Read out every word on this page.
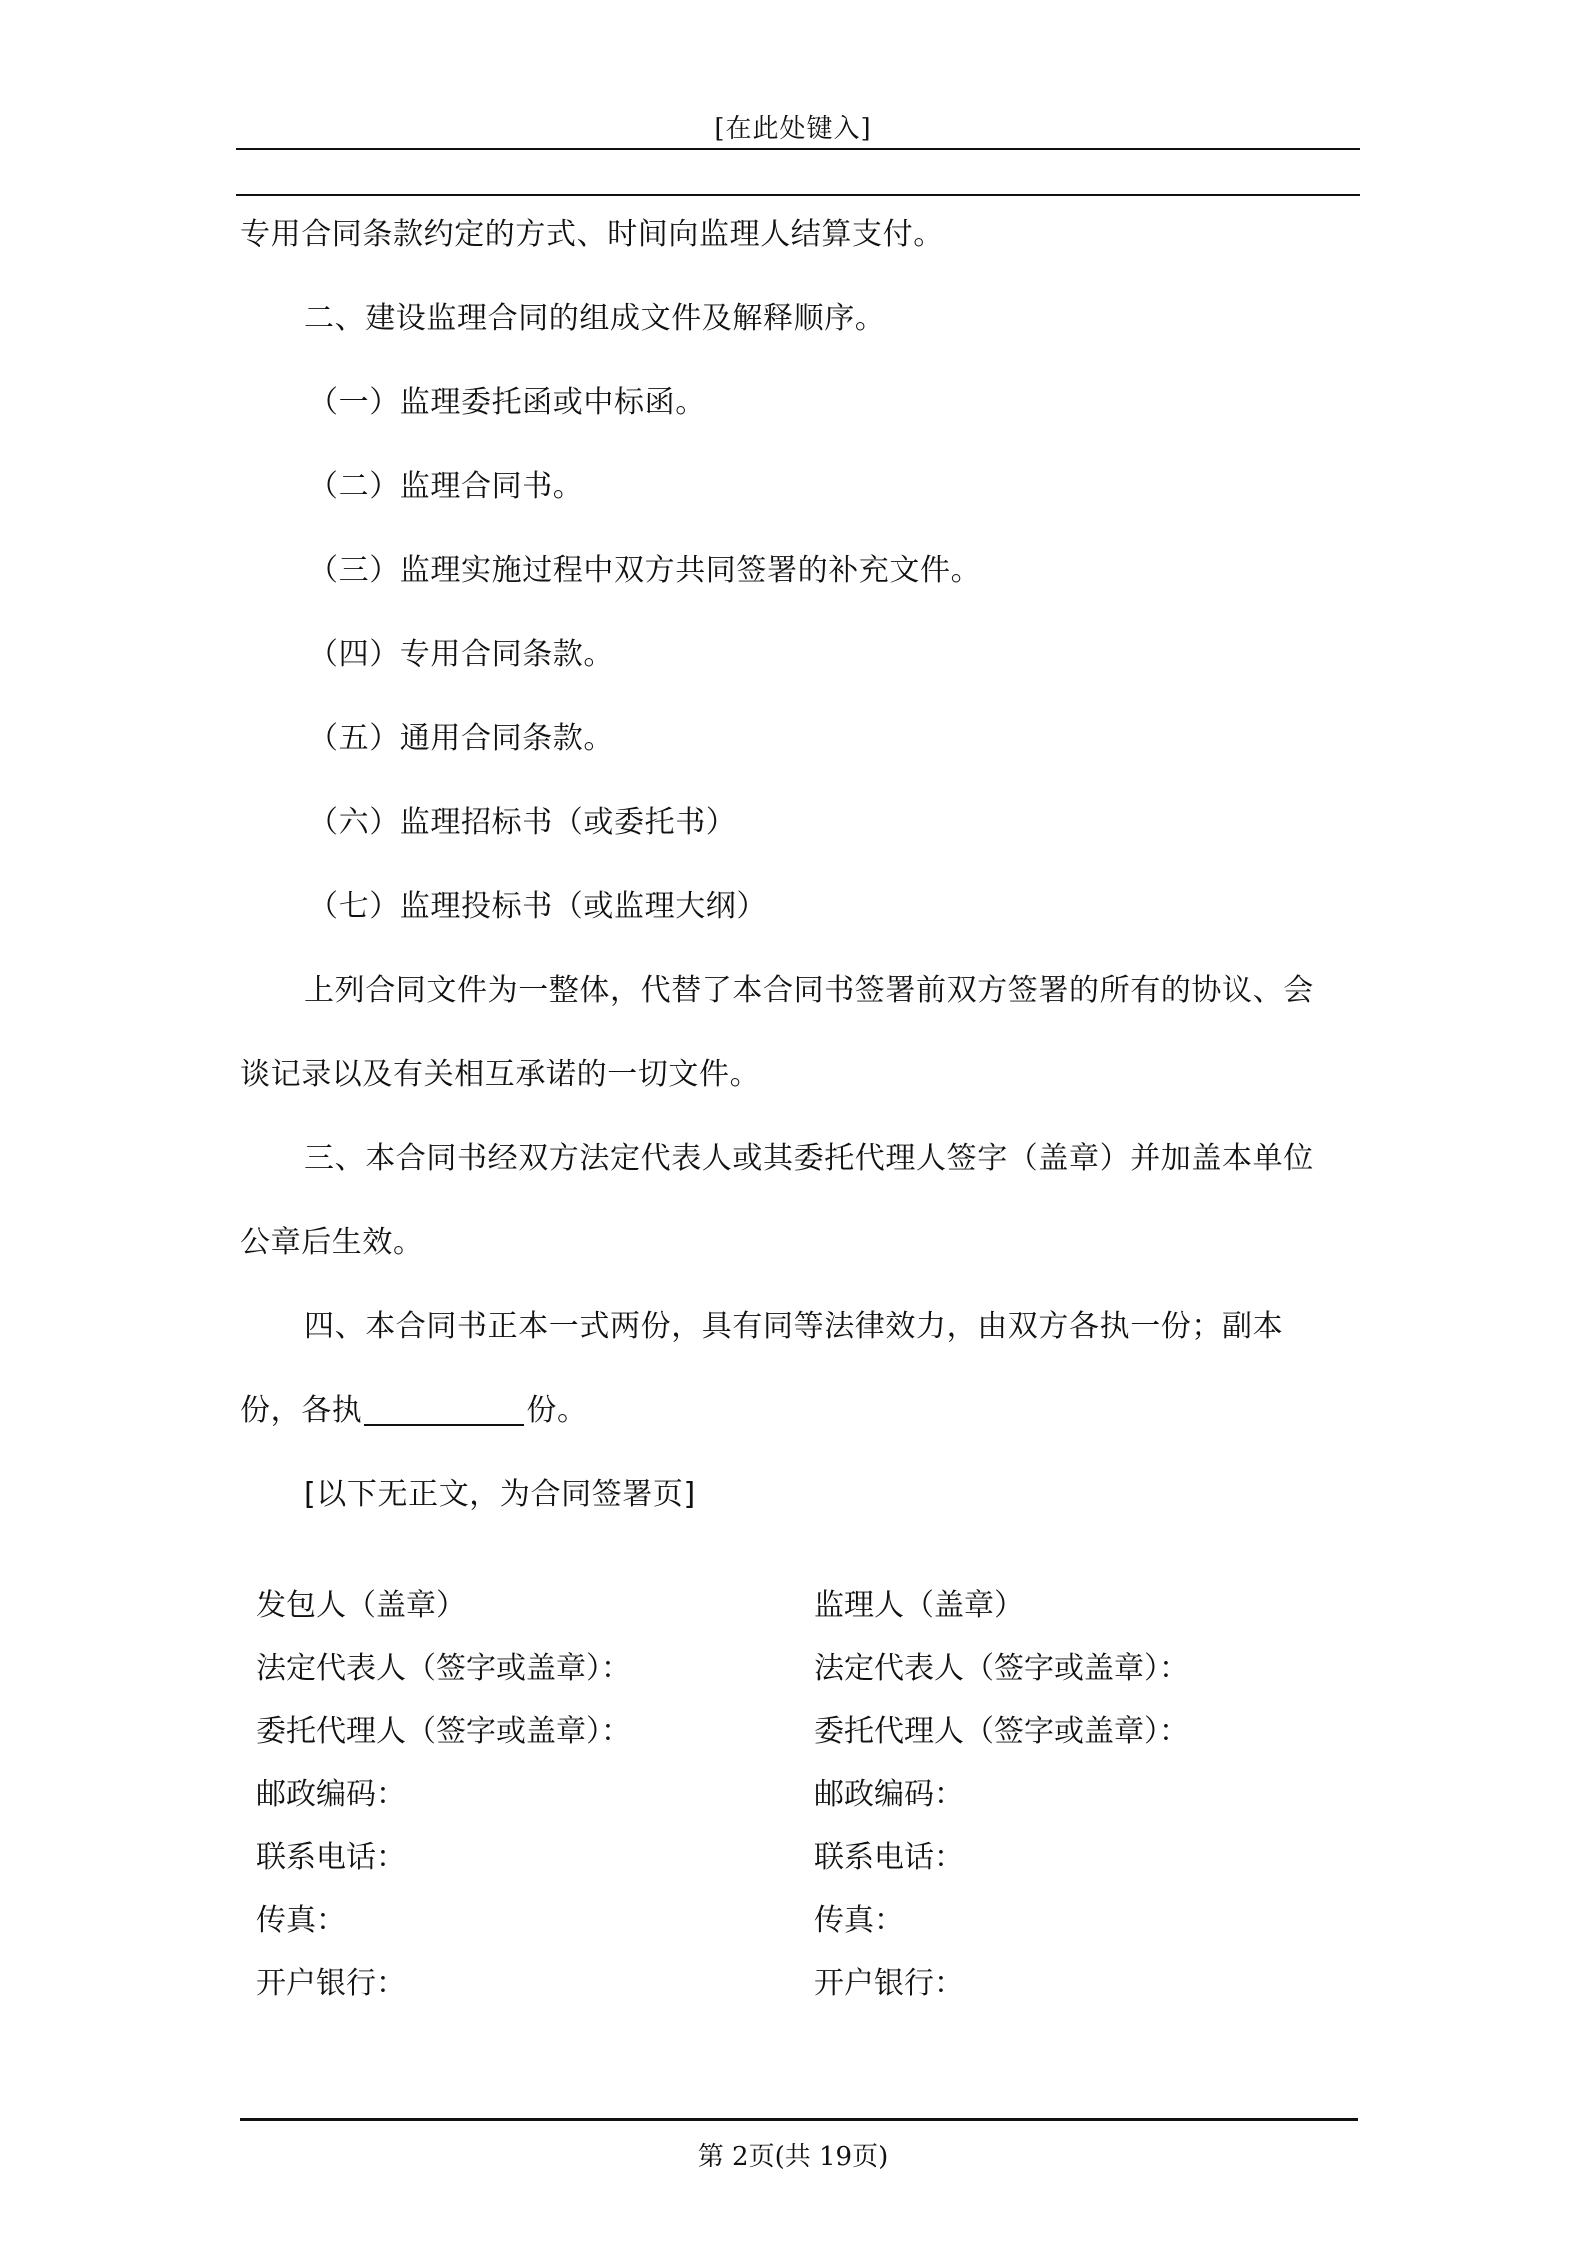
[在此处键入]
专用合同条款约定的方式、时间向监理人结算支付。
二、建设监理合同的组成文件及解释顺序。
（一）监理委托函或中标函。
（二）监理合同书。
（三）监理实施过程中双方共同签署的补充文件。
（四）专用合同条款。
（五）通用合同条款。
（六）监理招标书（或委托书）
（七）监理投标书（或监理大纲）
上列合同文件为一整体，代替了本合同书签署前双方签署的所有的协议、会
谈记录以及有关相互承诺的一切文件。
三、本合同书经双方法定代表人或其委托代理人签字（盖章）并加盖本单位
公章后生效。
四、本合同书正本一式两份，具有同等法律效力，由双方各执一份；副本
份，各执	份。
[以下无正文，为合同签署页]
发包人（盖章）	监理人（盖章）
法定代表人（签字或盖章）：	法定代表人（签字或盖章）：
委托代理人（签字或盖章）：	委托代理人（签字或盖章）：
邮政编码：	邮政编码：
联系电话：	联系电话：
传真：	传真：
开户银行：	开户银行：
第 2页(共 19页)
